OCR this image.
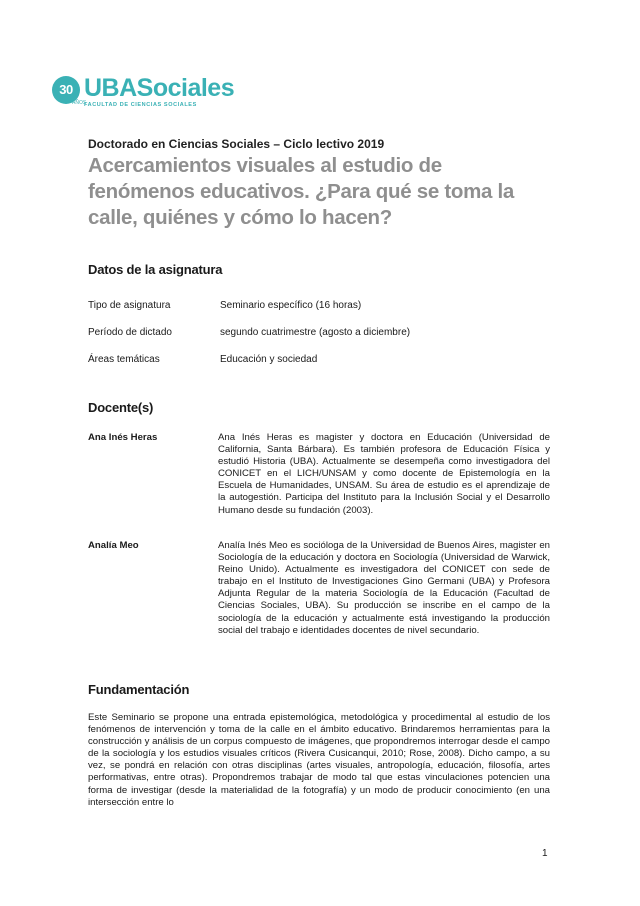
30
AÑOS
UBASociales
FACULTAD DE CIENCIAS SOCIALES
Doctorado en Ciencias Sociales – Ciclo lectivo 2019
Acercamientos visuales al estudio de fenómenos educativos. ¿Para qué se toma la calle, quiénes y cómo lo hacen?
Datos de la asignatura
Tipo de asignatura	Seminario específico (16 horas)
Período de dictado	segundo cuatrimestre (agosto a diciembre)
Áreas temáticas	Educación y sociedad
Docente(s)
Ana Inés Heras	Ana Inés Heras es magister y doctora en Educación (Universidad de California, Santa Bárbara). Es también profesora de Educación Física y estudió Historia (UBA). Actualmente se desempeña como investigadora del CONICET en el LICH/UNSAM y como docente de Epistemología en la Escuela de Humanidades, UNSAM. Su área de estudio es el aprendizaje de la autogestión. Participa del Instituto para la Inclusión Social y el Desarrollo Humano desde su fundación (2003).
Analía Meo	Analía Inés Meo es socióloga de la Universidad de Buenos Aires, magister en Sociología de la educación y doctora en Sociología (Universidad de Warwick, Reino Unido). Actualmente es investigadora del CONICET con sede de trabajo en el Instituto de Investigaciones Gino Germani (UBA) y Profesora Adjunta Regular de la materia Sociología de la Educación (Facultad de Ciencias Sociales, UBA). Su producción se inscribe en el campo de la sociología de la educación y actualmente está investigando la producción social del trabajo e identidades docentes de nivel secundario.
Fundamentación
Este Seminario se propone una entrada epistemológica, metodológica y procedimental al estudio de los fenómenos de intervención y toma de la calle en el ámbito educativo. Brindaremos herramientas para la construcción y análisis de un corpus compuesto de imágenes, que propondremos interrogar desde el campo de la sociología y los estudios visuales críticos (Rivera Cusicanqui, 2010; Rose, 2008). Dicho campo, a su vez, se pondrá en relación con otras disciplinas (artes visuales, antropología, educación, filosofía, artes performativas, entre otras). Propondremos trabajar de modo tal que estas vinculaciones potencien una forma de investigar (desde la materialidad de la fotografía) y un modo de producir conocimiento (en una intersección entre lo
1
